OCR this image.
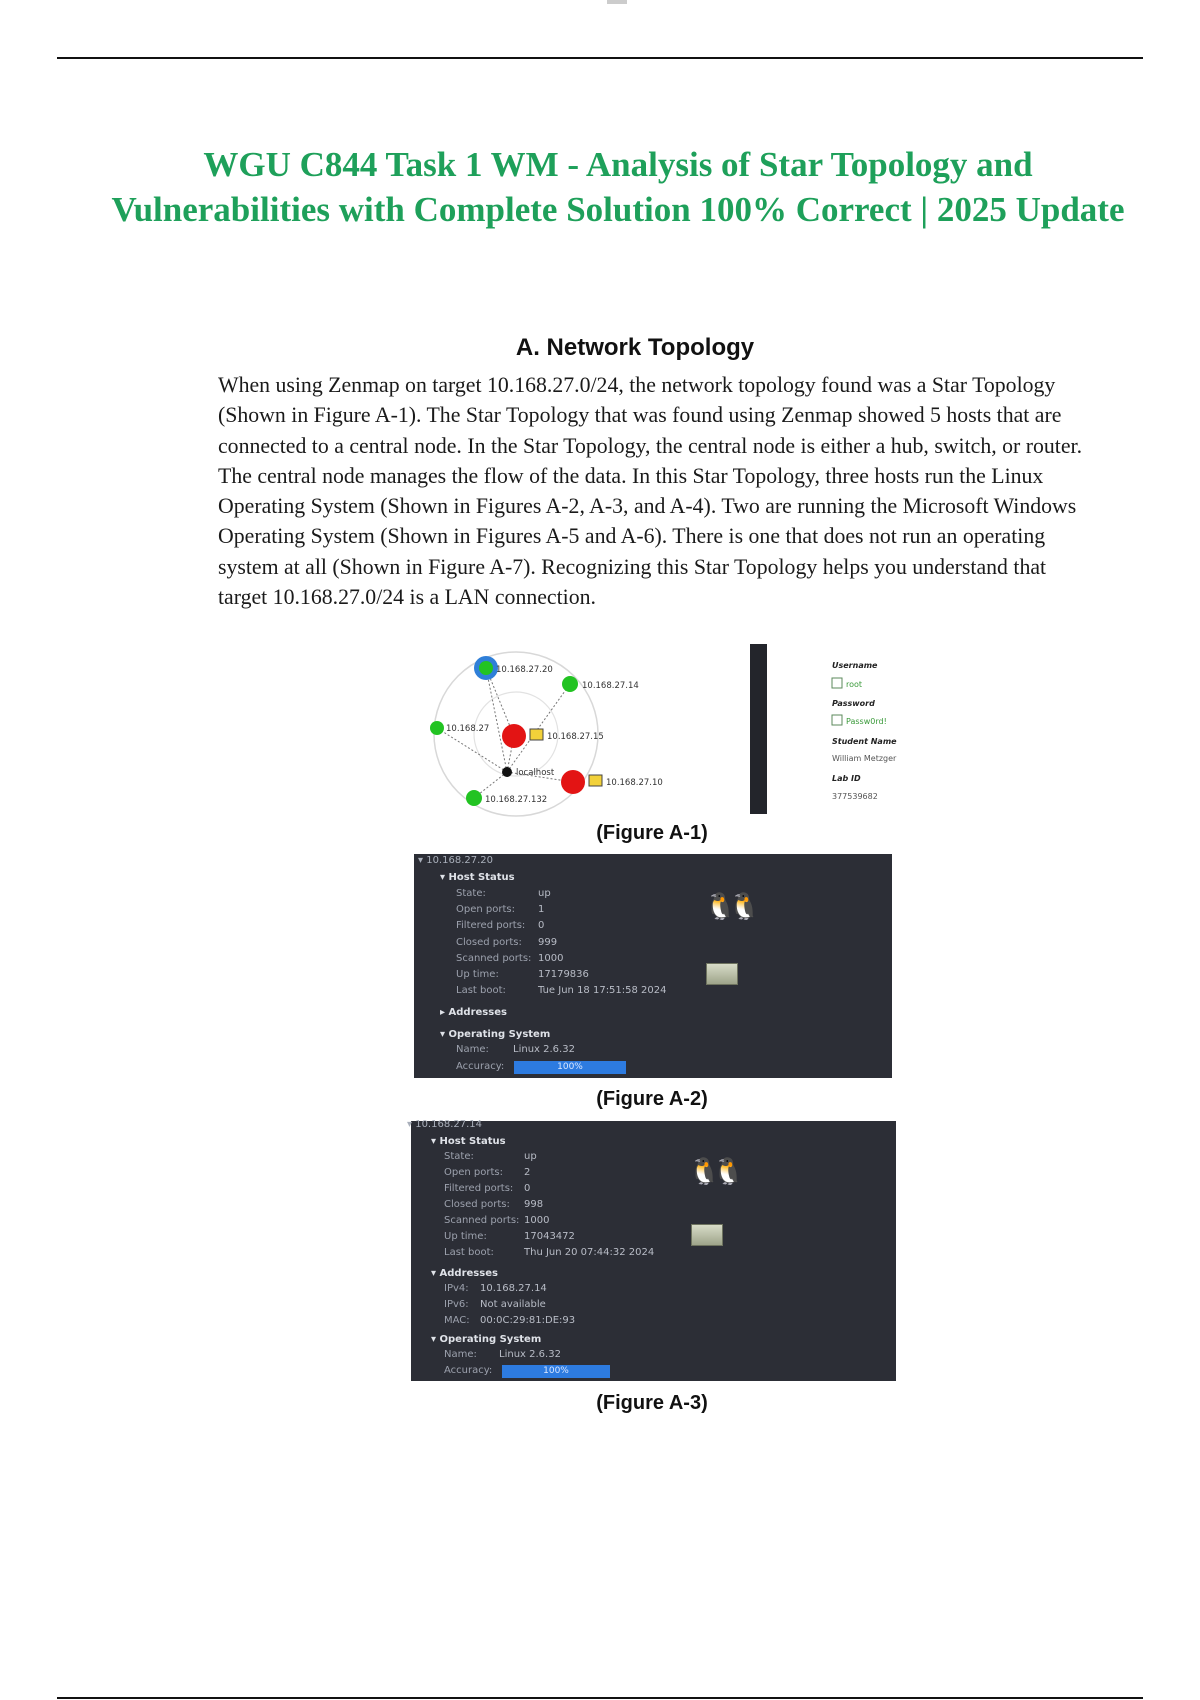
WGU C844 Task 1 WM - Analysis of Star Topology and Vulnerabilities with Complete Solution 100% Correct | 2025 Update
A. Network Topology
When using Zenmap on target 10.168.27.0/24, the network topology found was a Star Topology (Shown in Figure A-1). The Star Topology that was found using Zenmap showed 5 hosts that are connected to a central node. In the Star Topology, the central node is either a hub, switch, or router. The central node manages the flow of the data. In this Star Topology, three hosts run the Linux Operating System (Shown in Figures A-2, A-3, and A-4). Two are running the Microsoft Windows Operating System (Shown in Figures A-5 and A-6). There is one that does not run an operating system at all (Shown in Figure A-7). Recognizing this Star Topology helps you understand that target 10.168.27.0/24 is a LAN connection.
10.168.27.20
10.168.27.14
10.168.27
10.168.27.15
localhost
10.168.27.10
10.168.27.132
Username
root
Password
Passw0rd!
Student Name
William Metzger
Lab ID
377539682
(Figure A-1)
▾ 10.168.27.20
▾ Host Status
State:	up
Open ports: 1
Filtered ports: 0
Closed ports: 999
Scanned ports: 1000
Up time:	17179836
Last boot:	Tue Jun 18 17:51:58 2024
▸ Addresses
▾ Operating System
Name: Linux 2.6.32
Accuracy:	100%
🐧🐧
(Figure A-2)
▾ 10.168.27.14
▾ Host Status
State:	up
Open ports: 2
Filtered ports: 0
Closed ports: 998
Scanned ports: 1000
Up time:	17043472
Last boot:	Thu Jun 20 07:44:32 2024
▾ Addresses
IPv4: 10.168.27.14
IPv6: Not available
MAC: 00:0C:29:81:DE:93
▾ Operating System
Name: Linux 2.6.32
Accuracy:	100%
🐧🐧
(Figure A-3)
